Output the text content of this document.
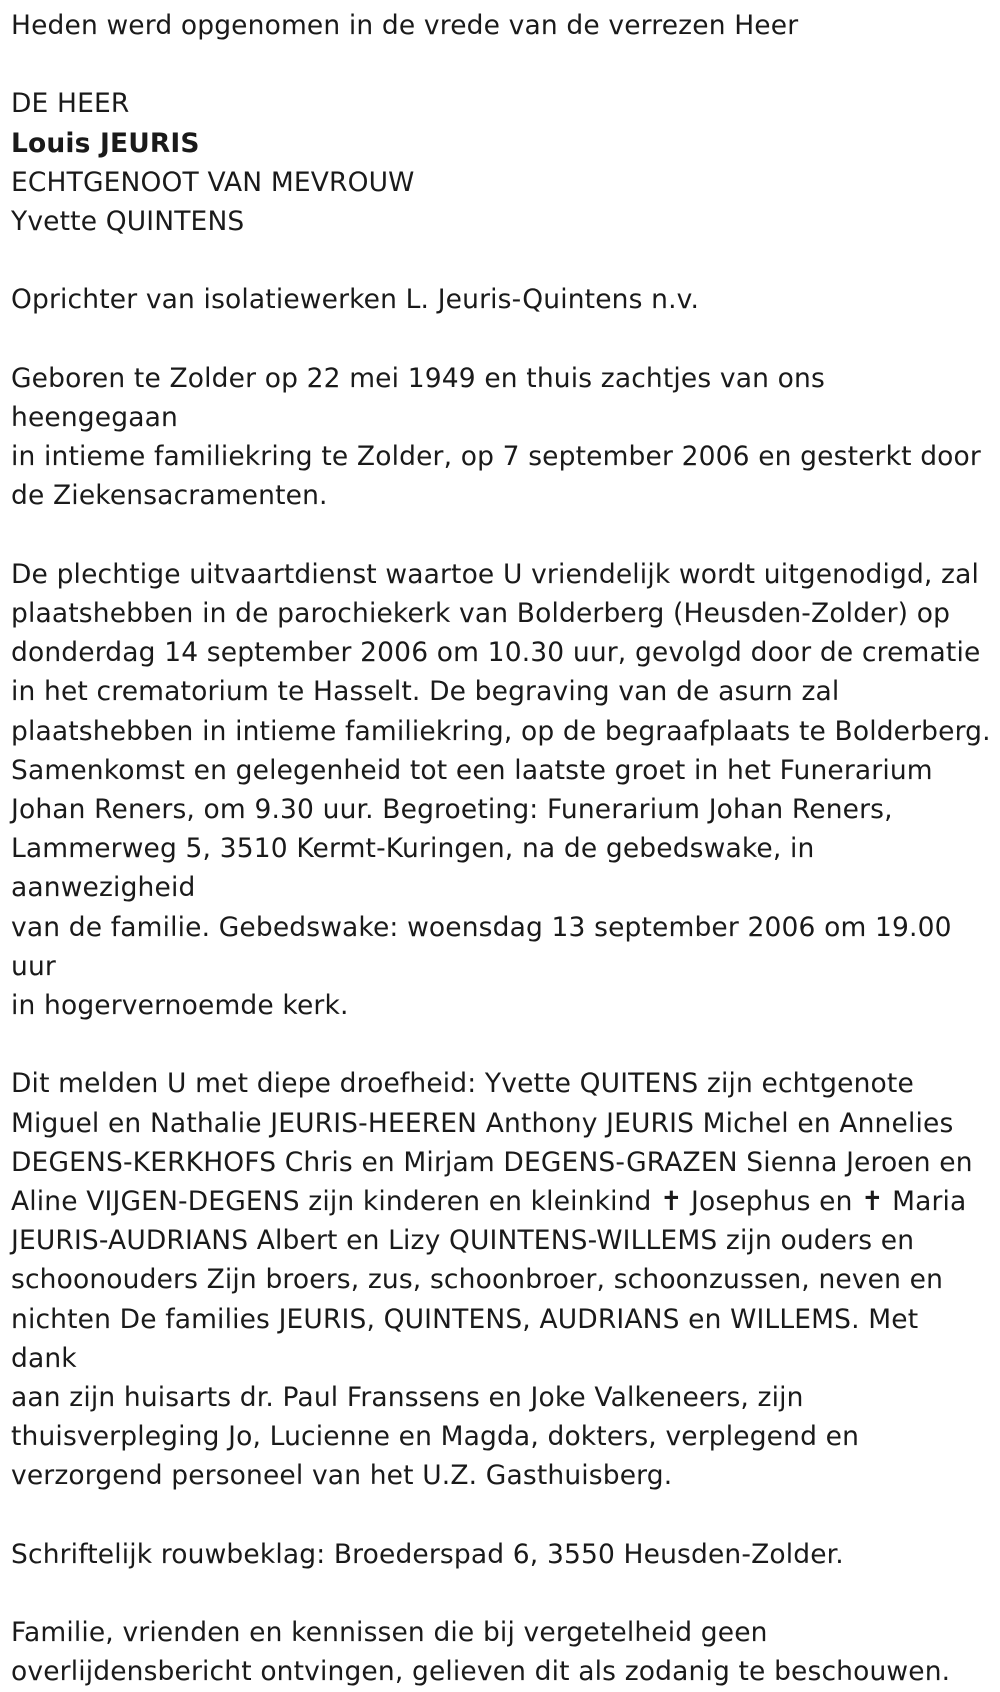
Heden werd opgenomen in de vrede van de verrezen Heer

DE HEER

Louis JEURIS

ECHTGENOOT VAN MEVROUW

Yvette QUINTENS

Oprichter van isolatiewerken L. Jeuris-Quintens n.v.

Geboren te Zolder op 22 mei 1949 en thuis zachtjes van ons heengegaan

in intieme familiekring te Zolder, op 7 september 2006 en gesterkt door

de Ziekensacramenten.

De plechtige uitvaartdienst waartoe U vriendelijk wordt uitgenodigd, zal

plaatshebben in de parochiekerk van Bolderberg (Heusden-Zolder) op

donderdag 14 september 2006 om 10.30 uur, gevolgd door de crematie

in het crematorium te Hasselt. De begraving van de asurn zal

plaatshebben in intieme familiekring, op de begraafplaats te Bolderberg.

Samenkomst en gelegenheid tot een laatste groet in het Funerarium

Johan Reners, om 9.30 uur. Begroeting: Funerarium Johan Reners,

Lammerweg 5, 3510 Kermt-Kuringen, na de gebedswake, in aanwezigheid

van de familie. Gebedswake: woensdag 13 september 2006 om 19.00 uur

in hogervernoemde kerk.

Dit melden U met diepe droefheid: Yvette QUITENS zijn echtgenote

Miguel en Nathalie JEURIS-HEEREN Anthony JEURIS Michel en Annelies

DEGENS-KERKHOFS Chris en Mirjam DEGENS-GRAZEN Sienna Jeroen en

Aline VIJGEN-DEGENS zijn kinderen en kleinkind ✝ Josephus en ✝ Maria

JEURIS-AUDRIANS Albert en Lizy QUINTENS-WILLEMS zijn ouders en

schoonouders Zijn broers, zus, schoonbroer, schoonzussen, neven en

nichten De families JEURIS, QUINTENS, AUDRIANS en WILLEMS. Met dank

aan zijn huisarts dr. Paul Franssens en Joke Valkeneers, zijn

thuisverpleging Jo, Lucienne en Magda, dokters, verplegend en

verzorgend personeel van het U.Z. Gasthuisberg.

Schriftelijk rouwbeklag: Broederspad 6, 3550 Heusden-Zolder.

Familie, vrienden en kennissen die bij vergetelheid geen

overlijdensbericht ontvingen, gelieven dit als zodanig te beschouwen.
